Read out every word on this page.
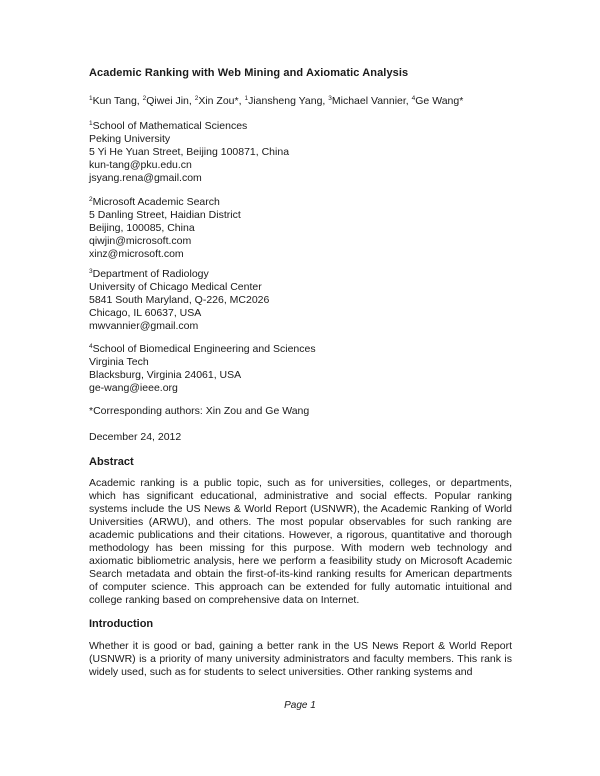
Academic Ranking with Web Mining and Axiomatic Analysis
$^1$Kun Tang, $^2$Qiwei Jin, $^2$Xin Zou*, $^1$Jiansheng Yang, $^3$Michael Vannier, $^4$Ge Wang*
$^1$School of Mathematical Sciences
Peking University
5 Yi He Yuan Street, Beijing 100871, China
kun-tang@pku.edu.cn
jsyang.rena@gmail.com
$^2$Microsoft Academic Search
5 Danling Street, Haidian District
Beijing, 100085, China
qiwjin@microsoft.com
xinz@microsoft.com
$^3$Department of Radiology
University of Chicago Medical Center
5841 South Maryland, Q-226, MC2026
Chicago, IL 60637, USA
mwvannier@gmail.com
$^4$School of Biomedical Engineering and Sciences
Virginia Tech
Blacksburg, Virginia 24061, USA
ge-wang@ieee.org
*Corresponding authors: Xin Zou and Ge Wang
December 24, 2012
Abstract
Academic ranking is a public topic, such as for universities, colleges, or departments, which has significant educational, administrative and social effects. Popular ranking systems include the US News & World Report (USNWR), the Academic Ranking of World Universities (ARWU), and others. The most popular observables for such ranking are academic publications and their citations. However, a rigorous, quantitative and thorough methodology has been missing for this purpose. With modern web technology and axiomatic bibliometric analysis, here we perform a feasibility study on Microsoft Academic Search metadata and obtain the first-of-its-kind ranking results for American departments of computer science. This approach can be extended for fully automatic intuitional and college ranking based on comprehensive data on Internet.
Introduction
Whether it is good or bad, gaining a better rank in the US News Report & World Report (USNWR) is a priority of many university administrators and faculty members. This rank is widely used, such as for students to select universities. Other ranking systems and
Page 1
